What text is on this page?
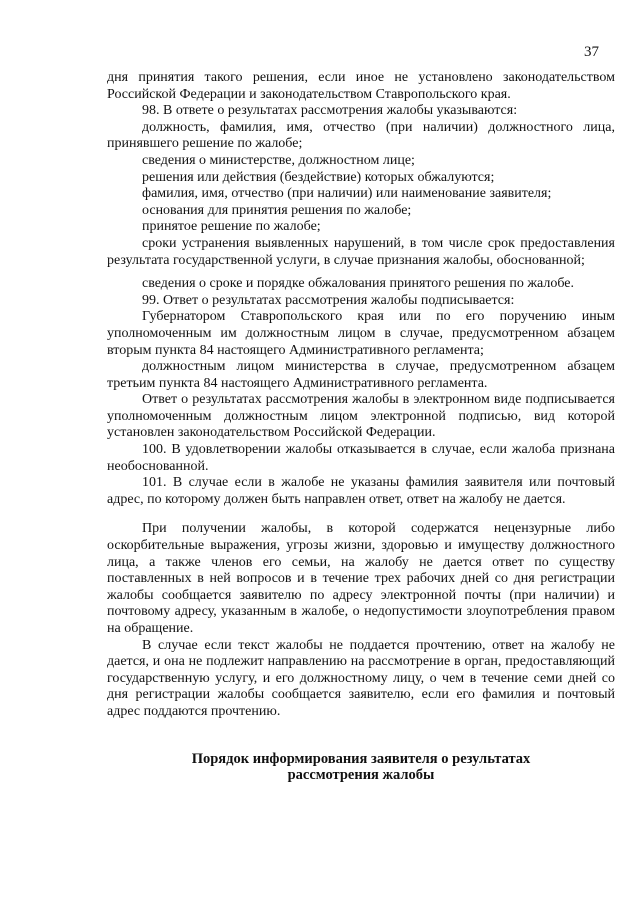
37

дня принятия такого решения, если иное не установлено законодательством Российской Федерации и законодательством Ставропольского края.

98. В ответе о результатах рассмотрения жалобы указываются:

должность, фамилия, имя, отчество (при наличии) должностного лица, принявшего решение по жалобе;

сведения о министерстве, должностном лице;

решения или действия (бездействие) которых обжалуются;

фамилия, имя, отчество (при наличии) или наименование заявителя;

основания для принятия решения по жалобе;

принятое решение по жалобе;

сроки устранения выявленных нарушений, в том числе срок предоставления результата государственной услуги, в случае признания жалобы, обоснованной;

сведения о сроке и порядке обжалования принятого решения по жалобе.

99. Ответ о результатах рассмотрения жалобы подписывается:

Губернатором Ставропольского края или по его поручению иным уполномоченным им должностным лицом в случае, предусмотренном абзацем вторым пункта 84 настоящего Административного регламента;

должностным лицом министерства в случае, предусмотренном абзацем третьим пункта 84 настоящего Административного регламента.

Ответ о результатах рассмотрения жалобы в электронном виде подписывается уполномоченным должностным лицом электронной подписью, вид которой установлен законодательством Российской Федерации.

100. В удовлетворении жалобы отказывается в случае, если жалоба признана необоснованной.

101. В случае если в жалобе не указаны фамилия заявителя или почтовый адрес, по которому должен быть направлен ответ, ответ на жалобу не дается.

При получении жалобы, в которой содержатся нецензурные либо оскорбительные выражения, угрозы жизни, здоровью и имуществу должностного лица, а также членов его семьи, на жалобу не дается ответ по существу поставленных в ней вопросов и в течение трех рабочих дней со дня регистрации жалобы сообщается заявителю по адресу электронной почты (при наличии) и почтовому адресу, указанным в жалобе, о недопустимости злоупотребления правом на обращение.

В случае если текст жалобы не поддается прочтению, ответ на жалобу не дается, и она не подлежит направлению на рассмотрение в орган, предоставляющий государственную услугу, и его должностному лицу, о чем в течение семи дней со дня регистрации жалобы сообщается заявителю, если его фамилия и почтовый адрес поддаются прочтению.

Порядок информирования заявителя о результатах
рассмотрения жалобы
